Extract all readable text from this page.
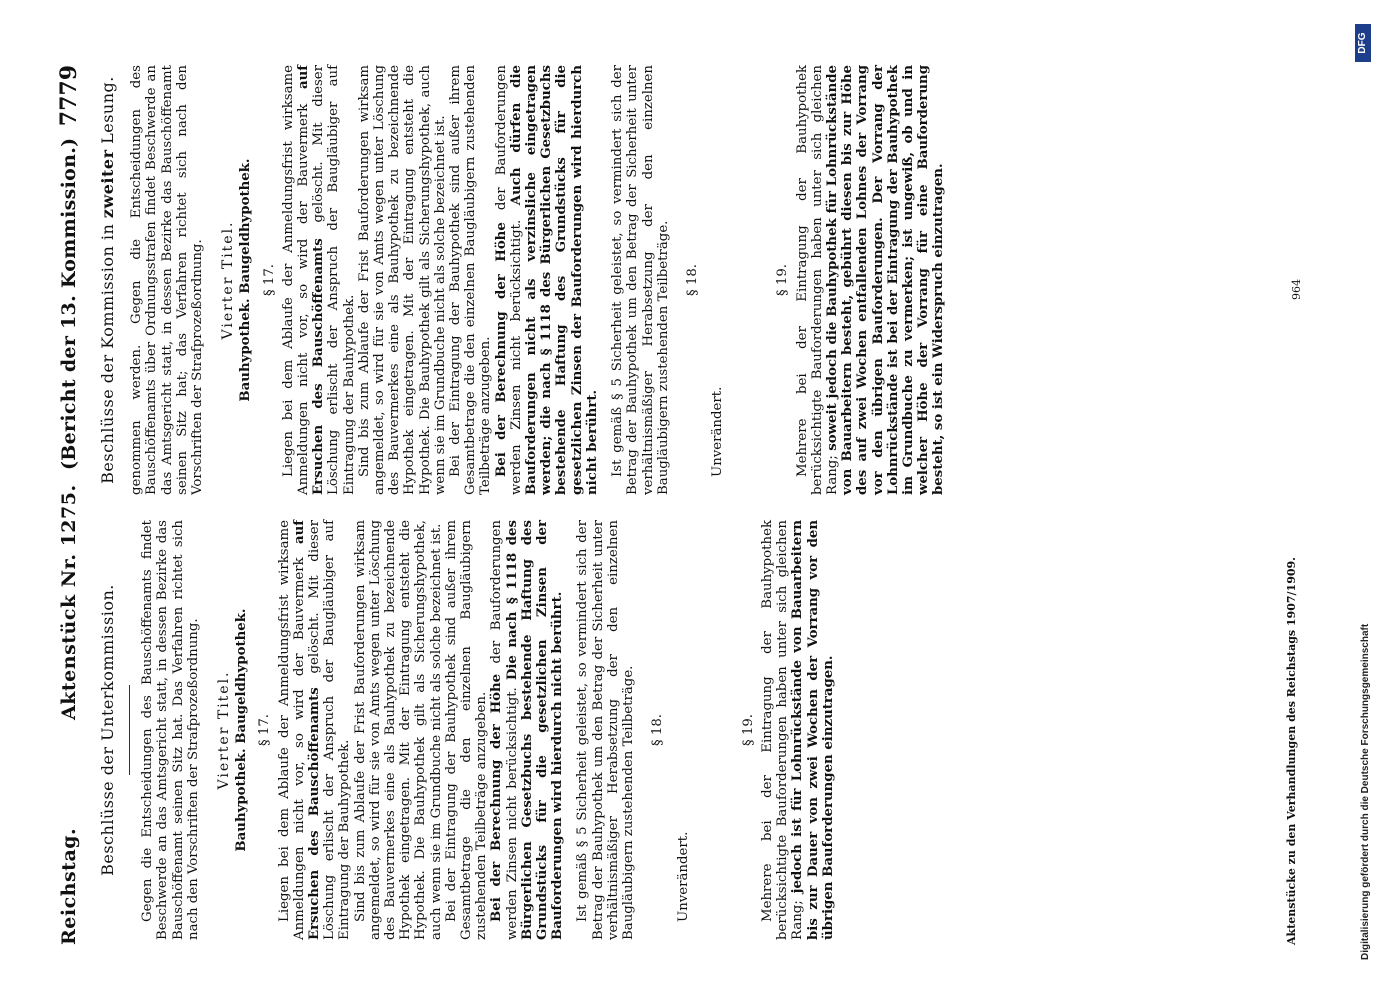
Reichstag.
Aktenstück Nr. 1275.
(Bericht der 13. Kommission.)
7779
Beschlüsse der Unterkommission. Gegen die Entscheidungen des Bauschöffenamts findet Beschwerde an das Amtsgericht statt, in dessen Bezirke das Bauschöffenamt seinen Sitz hat. Das Verfahren richtet sich nach den Vorschriften der Strafprozeßordnung. Vierter Titel. Bauhypothek. Baugeldhypothek. § 17. Liegen bei dem Ablaufe der Anmeldungsfrist wirksame Anmeldungen nicht vor, so wird der Bauvermerk auf Ersuchen des Bauschöffenamts gelöscht. Mit dieser Löschung erlischt der Anspruch der Baugläubiger auf Eintragung der Bauhypothek. Sind bis zum Ablaufe der Frist Bauforderungen wirksam angemeldet, so wird für sie von Amts wegen unter Löschung des Bauvermerkes eine als Bauhypothek zu bezeichnende Hypothek eingetragen. Mit der Eintragung entsteht die Hypothek. Die Bauhypothek gilt als Sicherungshypothek, auch wenn sie im Grundbuche nicht als solche bezeichnet ist. Bei der Eintragung der Bauhypothek sind außer ihrem Gesamtbetrage die den einzelnen Baugläubigern zustehenden Teilbeträge anzugeben. Bei der Berechnung der Höhe der Bauforderungen werden Zinsen nicht berücksichtigt. Die nach § 1118 des Bürgerlichen Gesetzbuchs bestehende Haftung des Grundstücks für die gesetzlichen Zinsen der Bauforderungen wird hierdurch nicht berührt. Ist gemäß § 5 Sicherheit geleistet, so vermindert sich der Betrag der Bauhypothek um den Betrag der Sicherheit unter verhältnismäßiger Herabsetzung der den einzelnen Baugläubigern zustehenden Teilbeträge. § 18.
Unverändert.
§ 19. Mehrere bei der Eintragung der Bauhypothek berücksichtigte Bauforderungen haben unter sich gleichen Rang; jedoch ist für Lohnrückstände von Bauarbeitern bis zur Dauer von zwei Wochen der Vorrang vor den übrigen Bauforderungen einzutragen.

Beschlüsse der Kommission in zweiter Lesung. genommen werden. Gegen die Entscheidungen des Bauschöffenamts über Ordnungsstrafen findet Beschwerde an das Amtsgericht statt, in dessen Bezirke das Bauschöffenamt seinen Sitz hat; das Verfahren richtet sich nach den Vorschriften der Strafprozeßordnung. Vierter Titel. Bauhypothek. Baugeldhypothek. § 17. Liegen bei dem Ablaufe der Anmeldungsfrist wirksame Anmeldungen nicht vor, so wird der Bauvermerk auf Ersuchen des Bauschöffenamts gelöscht. Mit dieser Löschung erlischt der Anspruch der Baugläubiger auf Eintragung der Bauhypothek. Sind bis zum Ablaufe der Frist Bauforderungen wirksam angemeldet, so wird für sie von Amts wegen unter Löschung des Bauvermerkes eine als Bauhypothek zu bezeichnende Hypothek eingetragen. Mit der Eintragung entsteht die Hypothek. Die Bauhypothek gilt als Sicherungshypothek, auch wenn sie im Grundbuche nicht als solche bezeichnet ist. Bei der Eintragung der Bauhypothek sind außer ihrem Gesamtbetrage die den einzelnen Baugläubigern zustehenden Teilbeträge anzugeben. Bei der Berechnung der Höhe der Bauforderungen werden Zinsen nicht berücksichtigt. Auch dürfen die Bauforderungen nicht als verzinsliche eingetragen werden; die nach § 1118 des Bürgerlichen Gesetzbuchs bestehende Haftung des Grundstücks für die gesetzlichen Zinsen der Bauforderungen wird hierdurch nicht berührt. Ist gemäß § 5 Sicherheit geleistet, so vermindert sich der Betrag der Bauhypothek um den Betrag der Sicherheit unter verhältnismäßiger Herabsetzung der den einzelnen Baugläubigern zustehenden Teilbeträge. § 18.
Unverändert.
§ 19. Mehrere bei der Eintragung der Bauhypothek berücksichtigte Bauforderungen haben unter sich gleichen Rang; soweit jedoch die Bauhypothek für Lohnrückstände von Bauarbeitern besteht, gebührt diesen bis zur Höhe des auf zwei Wochen entfallenden Lohnes der Vorrang vor den übrigen Bauforderungen. Der Vorrang der Lohnrückstände ist bei der Eintragung der Bauhypothek im Grundbuche zu vermerken; ist ungewiß, ob und in welcher Höhe der Vorrang für eine Bauforderung besteht, so ist ein Widerspruch einzutragen.

Aktenstücke zu den Verhandlungen des Reichstags 1907/1909.
964
Digitalisierung gefördert durch die Deutsche Forschungsgemeinschaft
DFG
